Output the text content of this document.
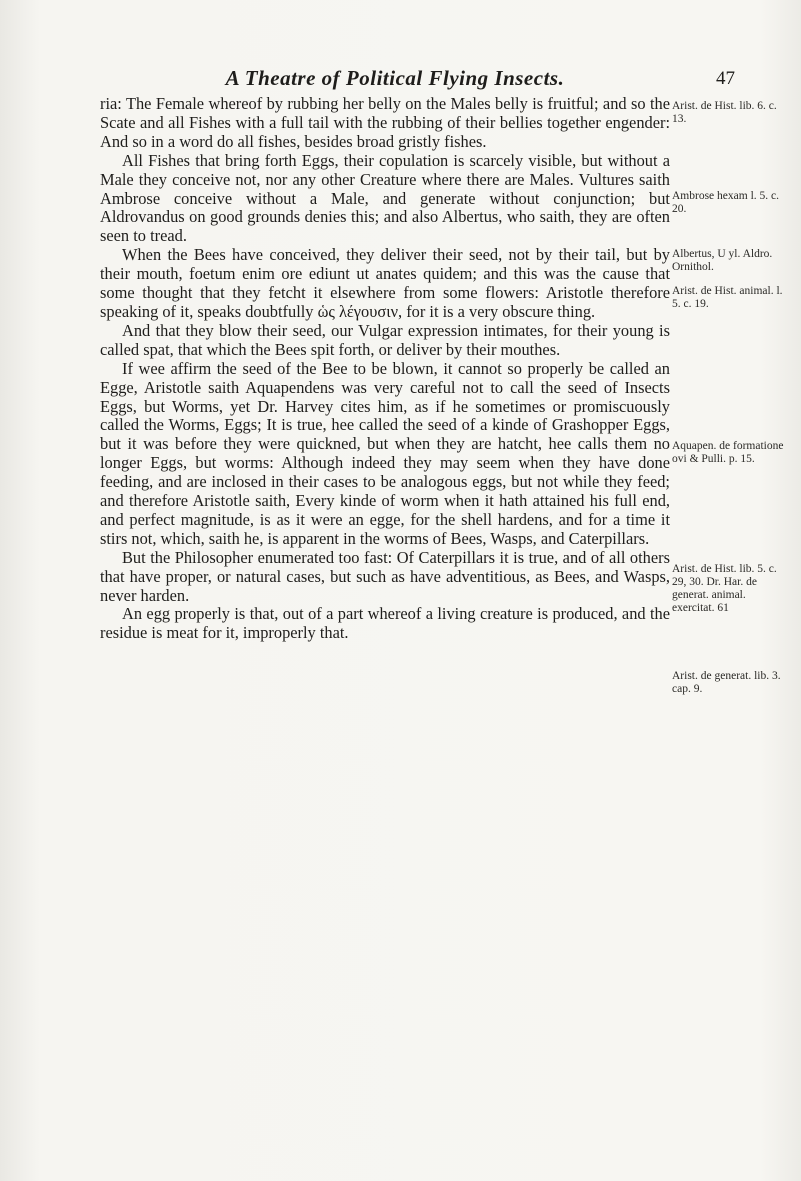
A Theatre of Political Flying Insects.	47

ria: The Female whereof by rubbing her belly on the Males belly is fruitful; and so the Scate and all Fishes with a full tail with the rubbing of their bellies together engender: And so in a word do all fishes, besides broad gristly fishes.

All Fishes that bring forth Eggs, their copulation is scarcely visible, but without a Male they conceive not, nor any other Creature where there are Males. Vultures saith Ambrose conceive without a Male, and generate without conjunction; but Aldrovandus on good grounds denies this; and also Albertus, who saith, they are often seen to tread.

When the Bees have conceived, they deliver their seed, not by their tail, but by their mouth, foetum enim ore ediunt ut anates quidem; and this was the cause that some thought that they fetcht it elsewhere from some flowers: Aristotle therefore speaking of it, speaks doubtfully ὡς λέγουσιν, for it is a very obscure thing.

And that they blow their seed, our Vulgar expression intimates, for their young is called spat, that which the Bees spit forth, or deliver by their mouthes.

If wee affirm the seed of the Bee to be blown, it cannot so properly be called an Egge, Aristotle saith Aquapendens was very careful not to call the seed of Insects Eggs, but Worms, yet Dr. Harvey cites him, as if he sometimes or promiscuously called the Worms, Eggs; It is true, hee called the seed of a kinde of Grashopper Eggs, but it was before they were quickned, but when they are hatcht, hee calls them no longer Eggs, but worms: Although indeed they may seem when they have done feeding, and are inclosed in their cases to be analogous eggs, but not while they feed; and therefore Aristotle saith, Every kinde of worm when it hath attained his full end, and perfect magnitude, is as it were an egge, for the shell hardens, and for a time it stirs not, which, saith he, is apparent in the worms of Bees, Wasps, and Caterpillars.

But the Philosopher enumerated too fast: Of Caterpillars it is true, and of all others that have proper, or natural cases, but such as have adventitious, as Bees, and Wasps, never harden.

An egg properly is that, out of a part whereof a living creature is produced, and the residue is meat for it, improperly that.

Arist. de Hist. lib. 6. c. 13.
Ambrose hexam l. 5. c. 20.
Albertus, U yl. Aldro. Ornithol.
Arist. de Hist. animal. l. 5. c. 19.
Aquapen. de formatione ovi & Pulli. p. 15.
Arist. de Hist. lib. 5. c. 29, 30. Dr. Har. de generat. animal. exercitat. 61
Arist. de generat. lib. 3. cap. 9.
